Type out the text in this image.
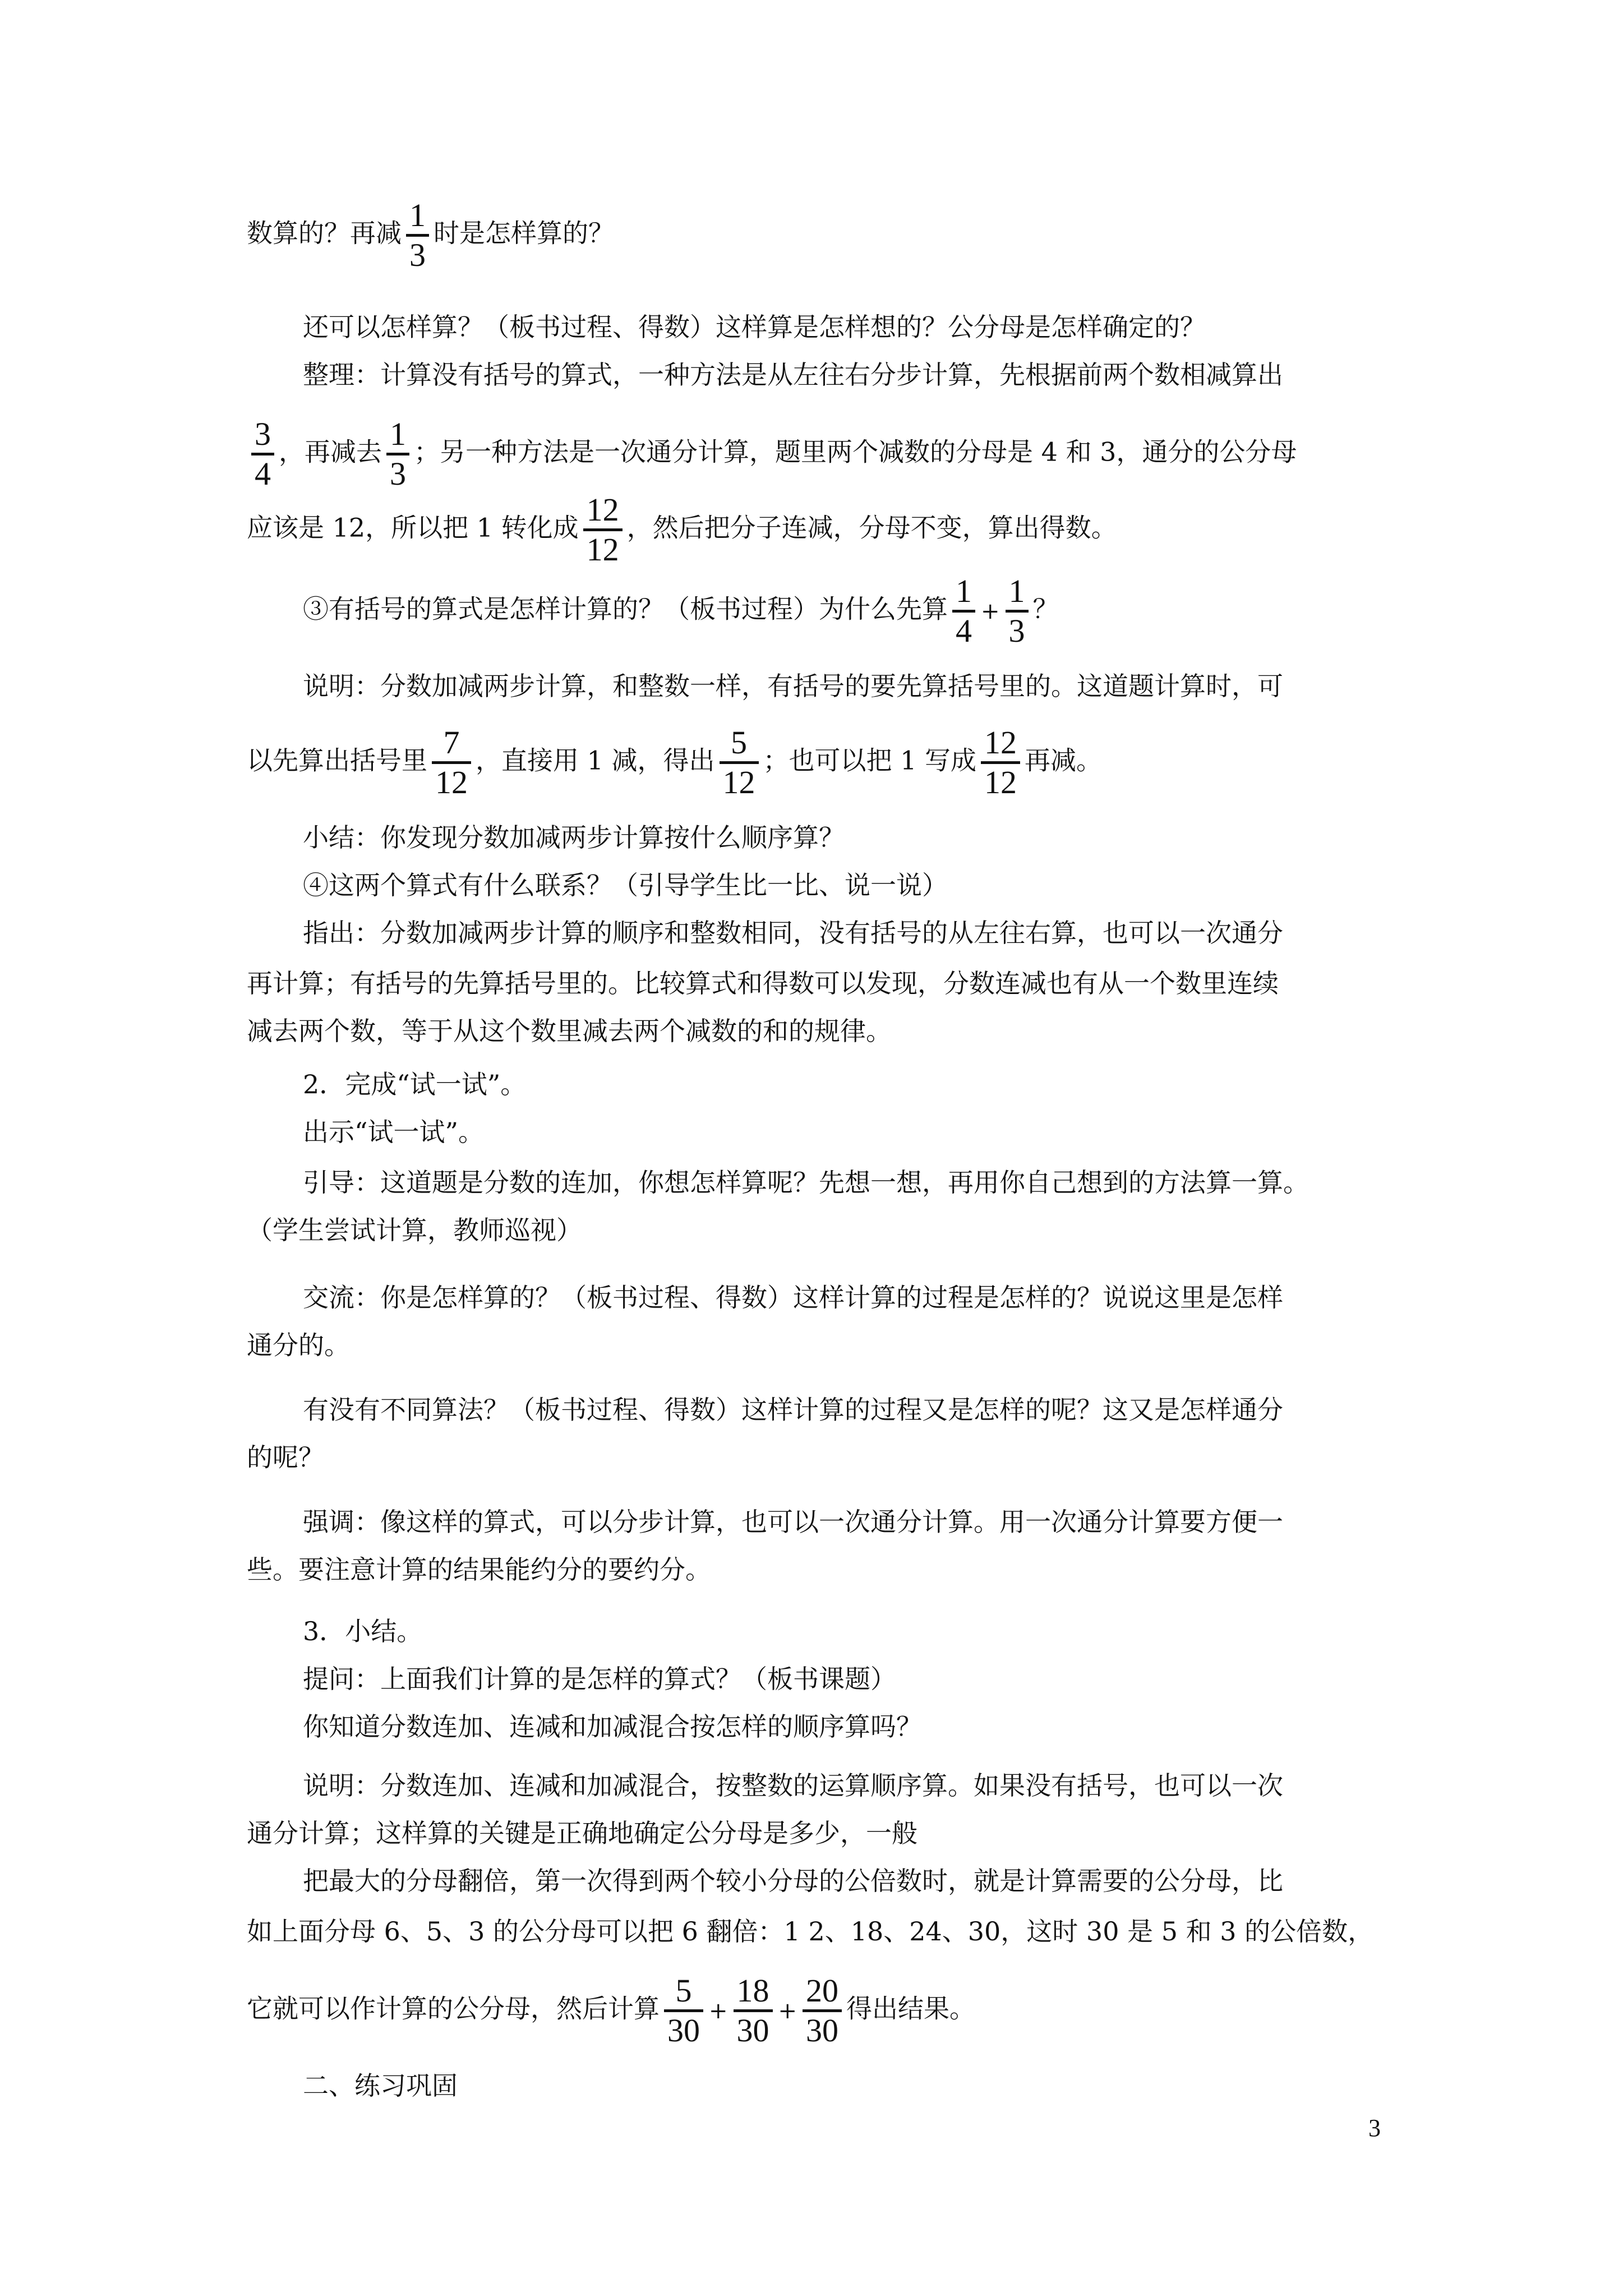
数算的？再减 $\frac{1}{3}$ 时是怎样算的？
还可以怎样算？（板书过程、得数）这样算是怎样想的？公分母是怎样确定的？
整理：计算没有括号的算式，一种方法是从左往右分步计算，先根据前两个数相减算出
$\frac{3}{4}$ ，再减去 $\frac{1}{3}$ ；另一种方法是一次通分计算，题里两个减数的分母是 4 和 3，通分的公分母
应该是 12，所以把 1 转化成 $\frac{12}{12}$ ，然后把分子连减，分母不变，算出得数。
③有括号的算式是怎样计算的？（板书过程）为什么先算 $\frac{1}{4} + \frac{1}{3}$ ？
说明：分数加减两步计算，和整数一样，有括号的要先算括号里的。这道题计算时，可
以先算出括号里 $\frac{7}{12}$ ，直接用 1 减，得出 $\frac{5}{12}$ ；也可以把 1 写成 $\frac{12}{12}$ 再减。
小结：你发现分数加减两步计算按什么顺序算？
④这两个算式有什么联系？（引导学生比一比、说一说）
指出：分数加减两步计算的顺序和整数相同，没有括号的从左往右算，也可以一次通分
再计算；有括号的先算括号里的。比较算式和得数可以发现，分数连减也有从一个数里连续
减去两个数，等于从这个数里减去两个减数的和的规律。
2．完成“试一试”。
出示“试一试”。
引导：这道题是分数的连加，你想怎样算呢？先想一想，再用你自己想到的方法算一算。
（学生尝试计算，教师巡视）
交流：你是怎样算的？（板书过程、得数）这样计算的过程是怎样的？说说这里是怎样
通分的。
有没有不同算法？（板书过程、得数）这样计算的过程又是怎样的呢？这又是怎样通分
的呢？
强调：像这样的算式，可以分步计算，也可以一次通分计算。用一次通分计算要方便一
些。要注意计算的结果能约分的要约分。
3．小结。
提问：上面我们计算的是怎样的算式？（板书课题）
你知道分数连加、连减和加减混合按怎样的顺序算吗？
说明：分数连加、连减和加减混合，按整数的运算顺序算。如果没有括号，也可以一次
通分计算；这样算的关键是正确地确定公分母是多少，一般
把最大的分母翻倍，第一次得到两个较小分母的公倍数时，就是计算需要的公分母，比
如上面分母 6、5、3 的公分母可以把 6 翻倍：1 2、18、24、30，这时 30 是 5 和 3 的公倍数，
它就可以作计算的公分母，然后计算 $\frac{5}{30} + \frac{18}{30} + \frac{20}{30}$ 得出结果。
二、练习巩固
3
